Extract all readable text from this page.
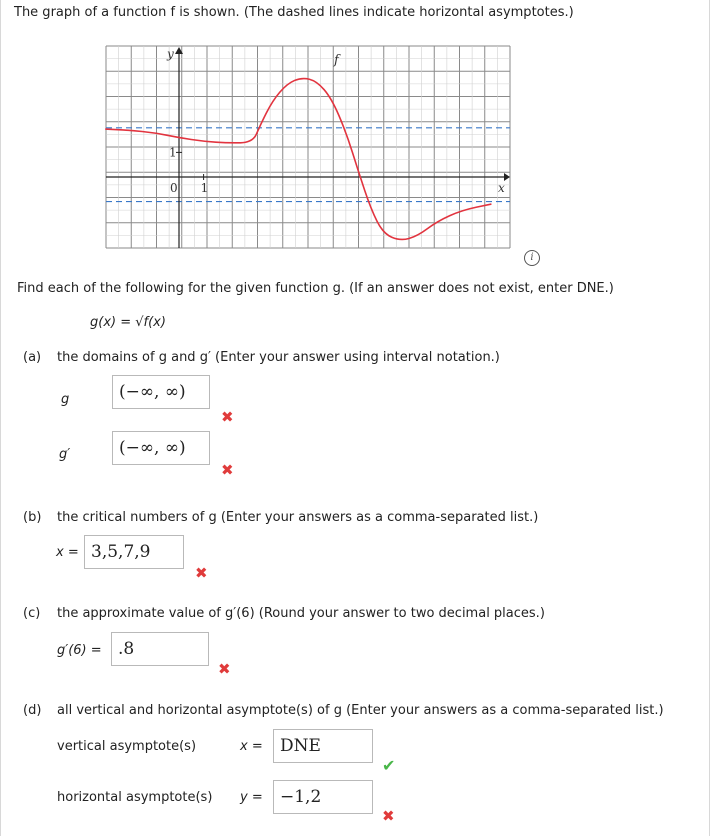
The graph of a function f is shown. (The dashed lines indicate horizontal asymptotes.)
y
x
f
0 1
1
i
Find each of the following for the given function g. (If an answer does not exist, enter DNE.)
g(x) = √f(x)
(a) the domains of g and g′ (Enter your answer using interval notation.)
g	(−∞, ∞)
✖
g′	(−∞, ∞)
✖
(b) the critical numbers of g (Enter your answers as a comma-separated list.)
x = 3,5,7,9
✖
(c) the approximate value of g′(6) (Round your answer to two decimal places.)
g′(6) = .8
✖
(d) all vertical and horizontal asymptote(s) of g (Enter your answers as a comma-separated list.)
vertical asymptote(s)	x =	DNE
✔
horizontal asymptote(s) y =	−1,2
✖
